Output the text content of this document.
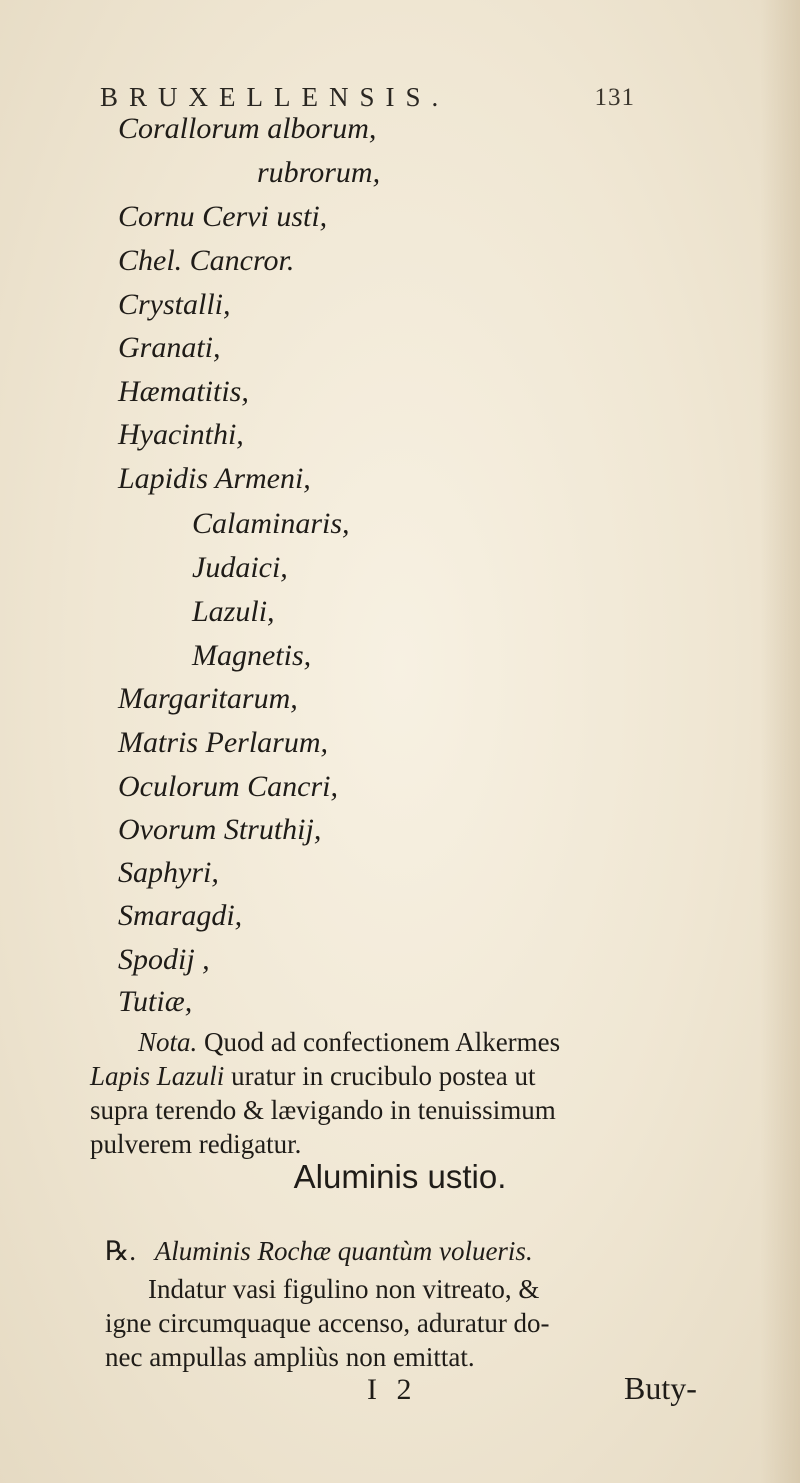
BRUXELLENSIS.	131
Corallorum alborum,
rubrorum,
Cornu Cervi usti,
Chel. Cancror.
Crystalli,
Granati,
Hæmatitis,
Hyacinthi,
Lapidis Armeni,
Calaminaris,
Judaici,
Lazuli,
Magnetis,
Margaritarum,
Matris Perlarum,
Oculorum Cancri,
Ovorum Struthij,
Saphyri,
Smaragdi,
Spodij ,
Tutiæ,
Nota. Quod ad confectionem Alkermes
Lapis Lazuli uratur in crucibulo postea ut
supra terendo & lævigando in tenuissimum
pulverem redigatur.
Aluminis ustio.
℞. Aluminis Rochæ quantùm volueris.
Indatur vasi figulino non vitreato, &
igne circumquaque accenso, aduratur do-
nec ampullas ampliùs non emittat.
I 2	Buty-
